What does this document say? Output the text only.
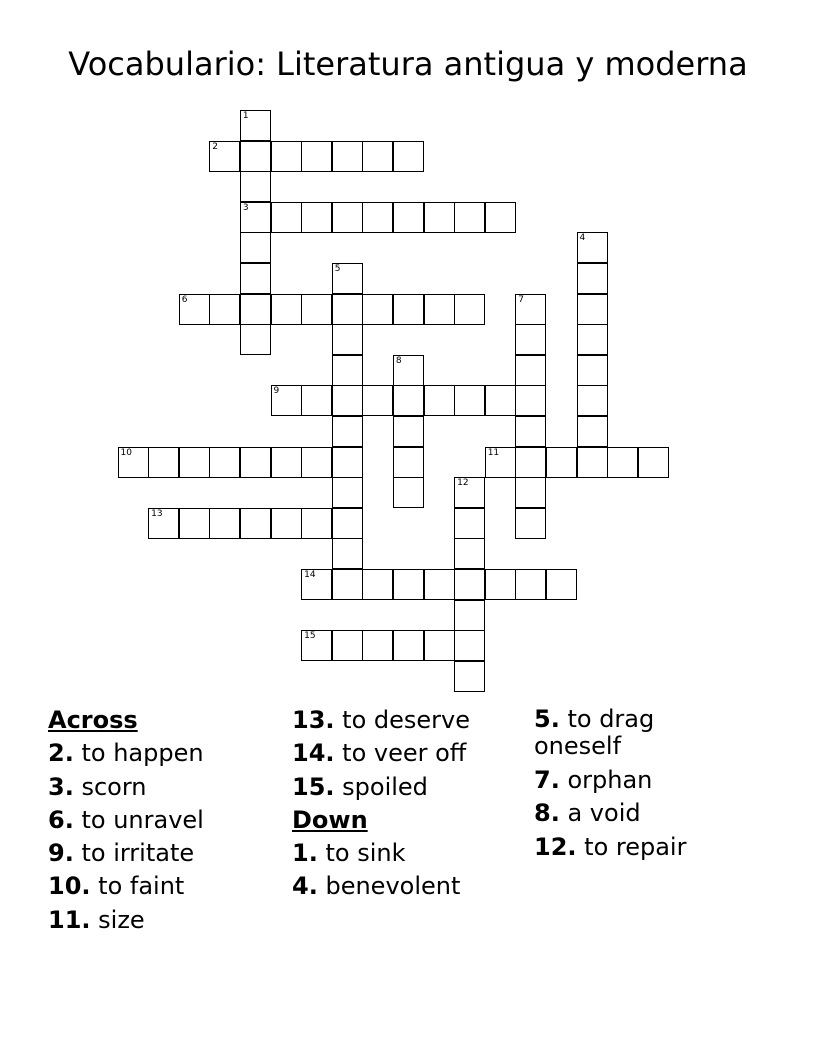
Vocabulario: Literatura antigua y moderna
1
3
2
4
5
6	7
8
9
10	11
12
13
14
15
Across
2. to happen
3. scorn
6. to unravel
9. to irritate
10. to faint
11. size
13. to deserve
14. to veer off
15. spoiled
Down
1. to sink
4. benevolent
5. to drag oneself
7. orphan
8. a void
12. to repair
